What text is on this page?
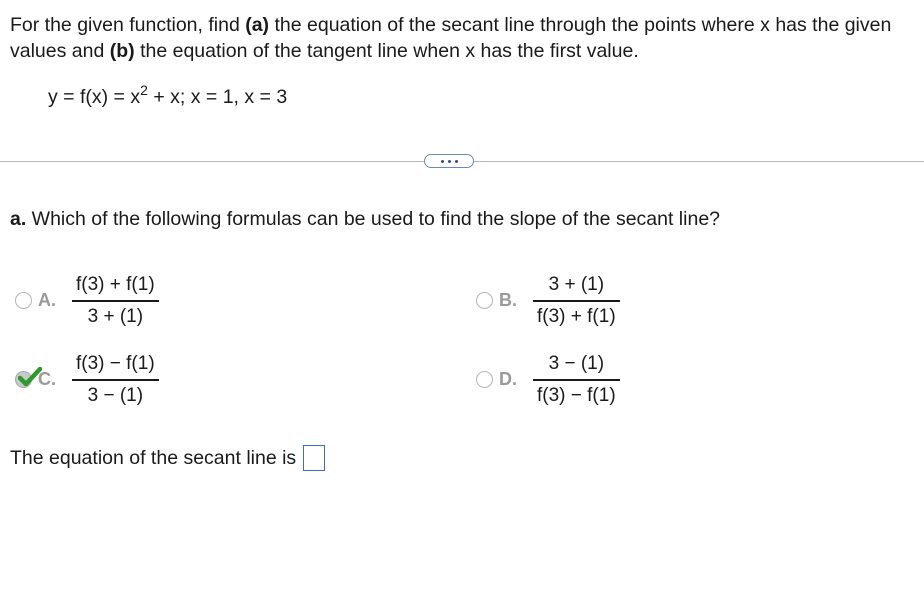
For the given function, find (a) the equation of the secant line through the points where x has the given values and (b) the equation of the tangent line when x has the first value.
$y = f(x) = x^2 + x$; x = 1, x = 3
a. Which of the following formulas can be used to find the slope of the secant line?
A. $\frac{f(3) + f(1)}{3 + (1)}$	B. $\frac{3 + (1)}{f(3) + f(1)}$
C. $\frac{f(3) - f(1)}{3 - (1)}$	D. $\frac{3 - (1)}{f(3) - f(1)}$
The equation of the secant line is
